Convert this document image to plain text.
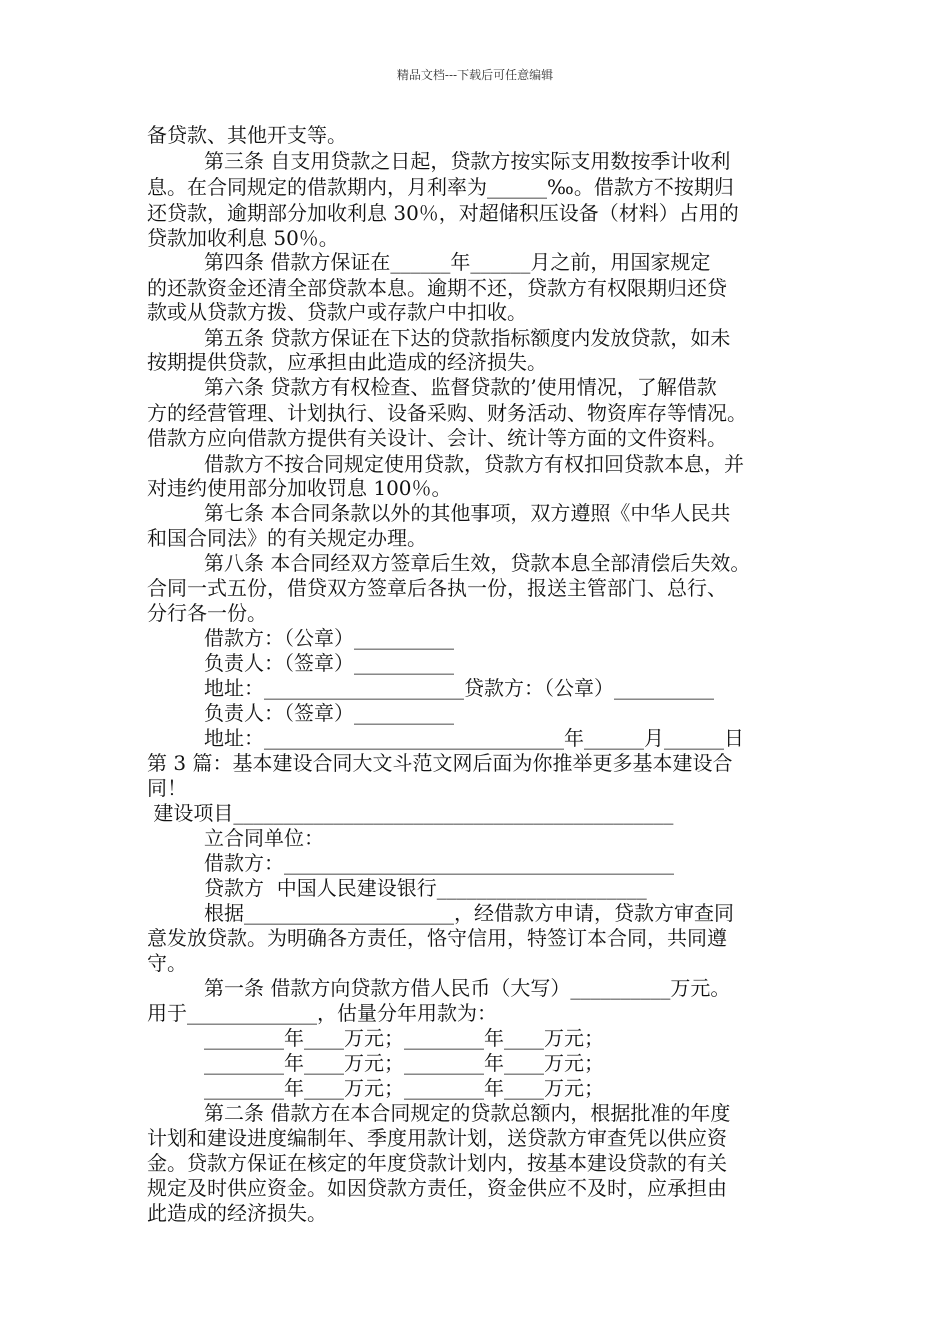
精品文档---下载后可任意编辑
备贷款、其他开支等。
第三条 自支用贷款之日起，贷款方按实际支用数按季计收利
息。在合同规定的借款期内，月利率为______‰。借款方不按期归
还贷款，逾期部分加收利息 30％，对超储积压设备（材料）占用的
贷款加收利息 50％。
第四条 借款方保证在______年______月之前，用国家规定
的还款资金还清全部贷款本息。逾期不还，贷款方有权限期归还贷
款或从贷款方拨、贷款户或存款户中扣收。
第五条 贷款方保证在下达的贷款指标额度内发放贷款，如未
按期提供贷款，应承担由此造成的经济损失。
第六条 贷款方有权检查、监督贷款的’使用情况，了解借款
方的经营管理、计划执行、设备采购、财务活动、物资库存等情况。
借款方应向借款方提供有关设计、会计、统计等方面的文件资料。
借款方不按合同规定使用贷款，贷款方有权扣回贷款本息，并
对违约使用部分加收罚息 100％。
第七条 本合同条款以外的其他事项，双方遵照《中华人民共
和国合同法》的有关规定办理。
第八条 本合同经双方签章后生效，贷款本息全部清偿后失效。
合同一式五份，借贷双方签章后各执一份，报送主管部门、总行、
分行各一份。
借款方：（公章）__________
负责人：（签章）__________
地址：____________________贷款方：（公章）__________
负责人：（签章）__________
地址：______________________________年______月______日
第 3 篇：基本建设合同大文斗范文网后面为你推举更多基本建设合
同！
建设项目____________________________________________
立合同单位：
借款方：_______________________________________
贷款方  中国人民建设银行_____________________
根据_____________________，经借款方申请，贷款方审查同
意发放贷款。为明确各方责任，恪守信用，特签订本合同，共同遵
守。
第一条 借款方向贷款方借人民币（大写）__________万元。
用于_____________，估量分年用款为：
________年____万元；________年____万元；
________年____万元；________年____万元；
________年____万元；________年____万元；
第二条 借款方在本合同规定的贷款总额内，根据批准的年度
计划和建设进度编制年、季度用款计划，送贷款方审查凭以供应资
金。贷款方保证在核定的年度贷款计划内，按基本建设贷款的有关
规定及时供应资金。如因贷款方责任，资金供应不及时，应承担由
此造成的经济损失。
